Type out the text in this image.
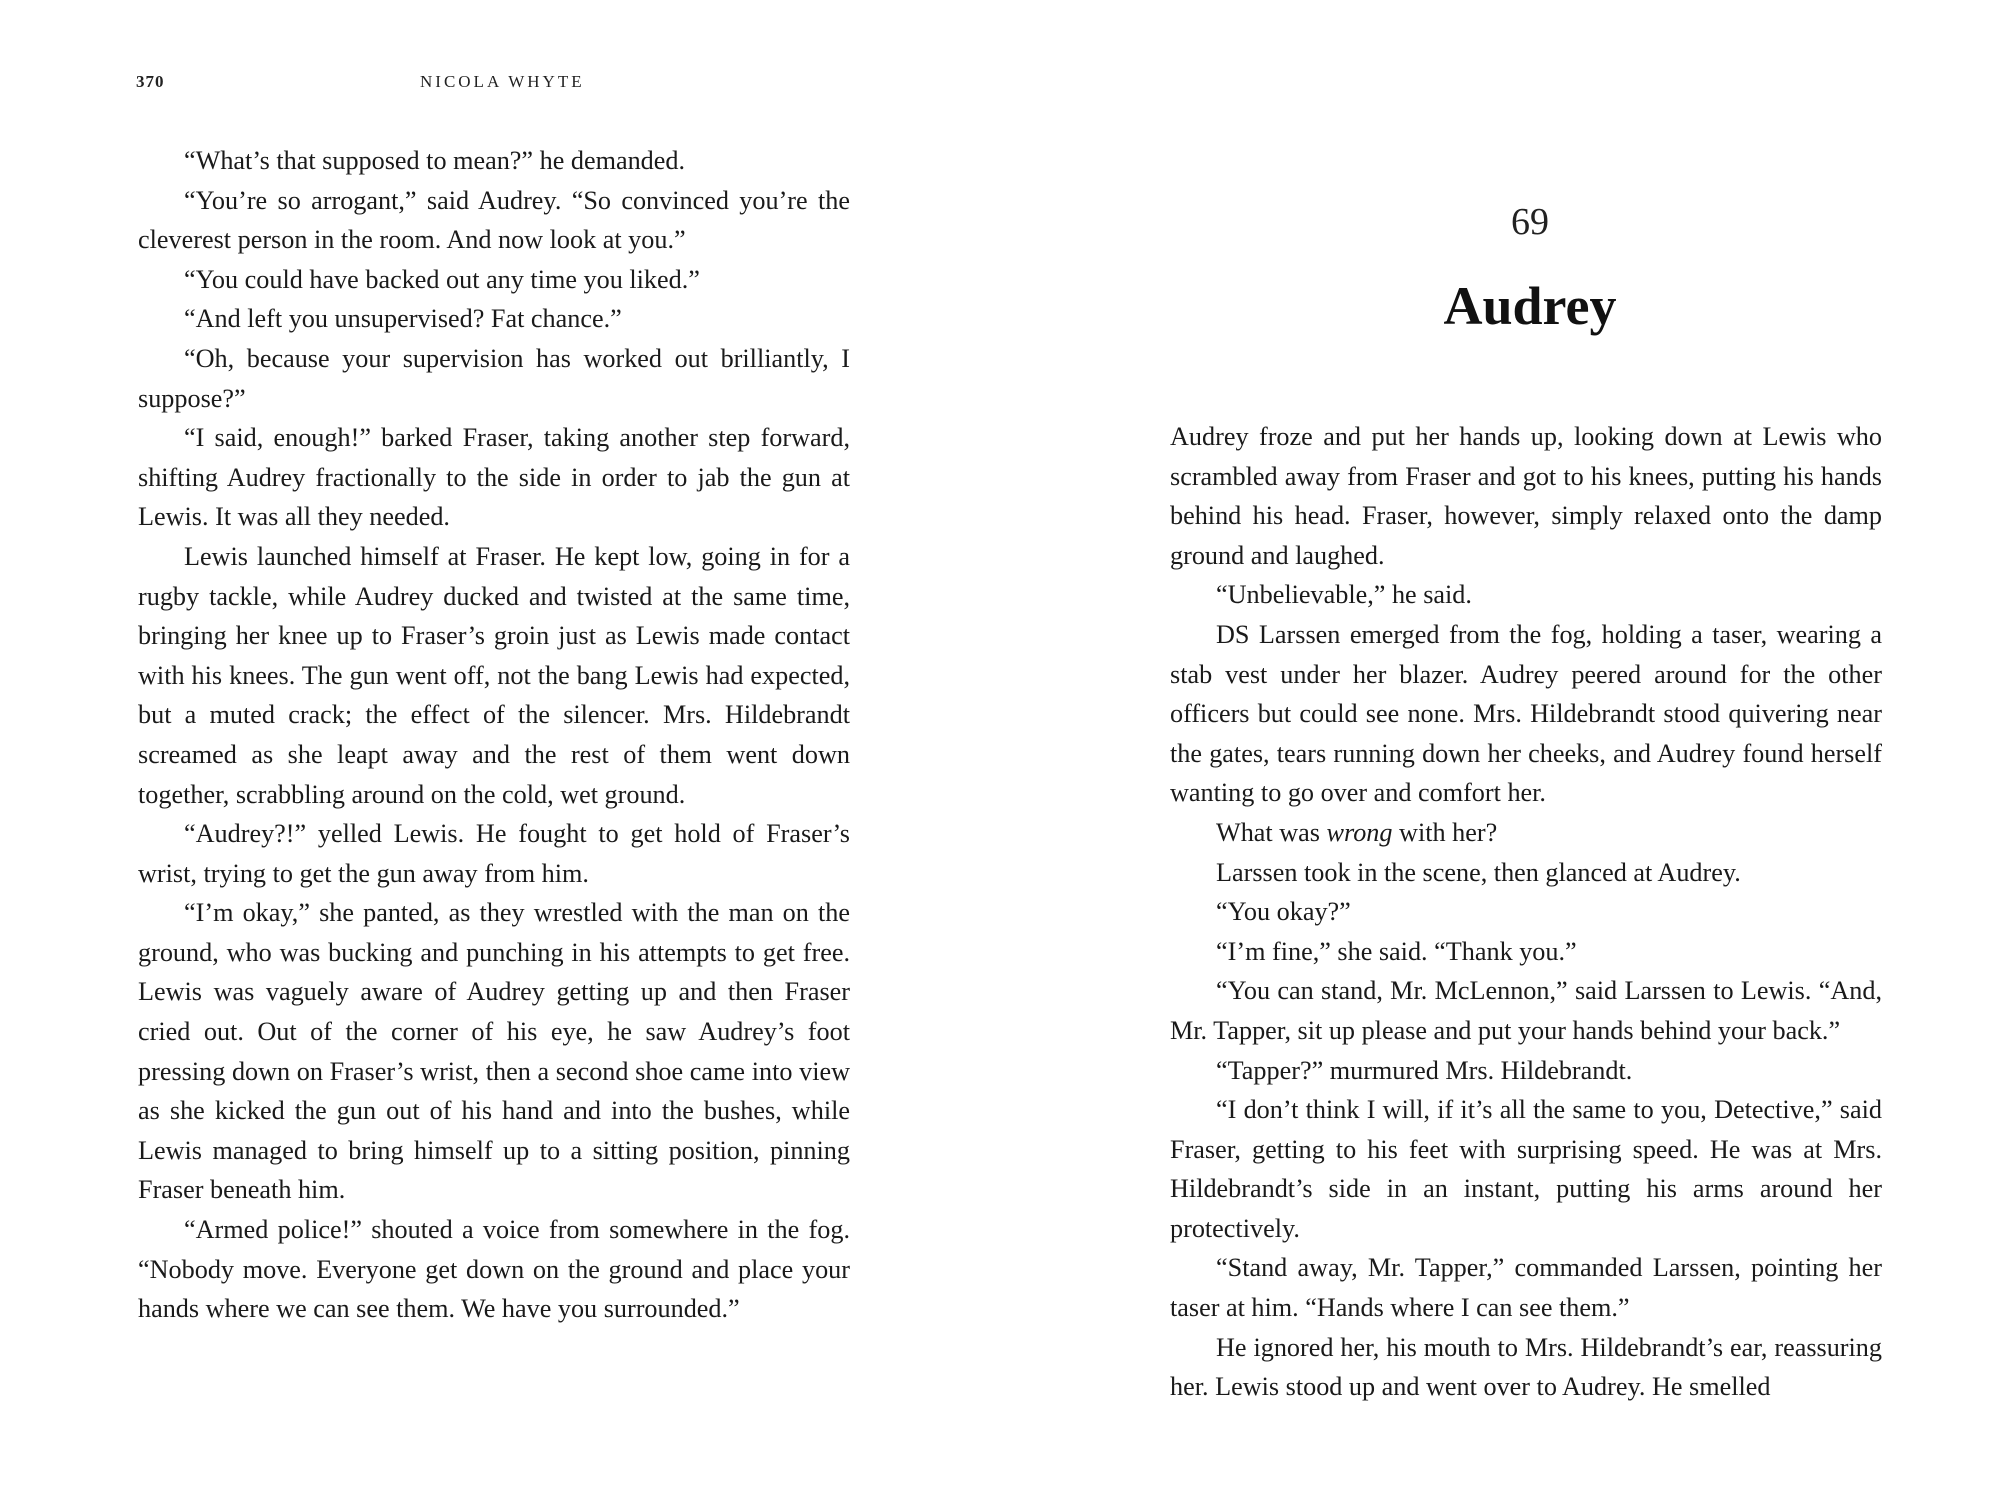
370	NICOLA WHYTE

“What’s that supposed to mean?” he demanded.

“You’re so arrogant,” said Audrey. “So convinced you’re the cleverest person in the room. And now look at you.”

“You could have backed out any time you liked.”

“And left you unsupervised? Fat chance.”

“Oh, because your supervision has worked out brilliantly, I suppose?”

“I said, enough!” barked Fraser, taking another step forward, shifting Audrey fractionally to the side in order to jab the gun at Lewis. It was all they needed.

Lewis launched himself at Fraser. He kept low, going in for a rugby tackle, while Audrey ducked and twisted at the same time, bringing her knee up to Fraser’s groin just as Lewis made contact with his knees. The gun went off, not the bang Lewis had expected, but a muted crack; the effect of the silencer. Mrs. Hildebrandt screamed as she leapt away and the rest of them went down together, scrabbling around on the cold, wet ground.

“Audrey?!” yelled Lewis. He fought to get hold of Fraser’s wrist, trying to get the gun away from him.

“I’m okay,” she panted, as they wrestled with the man on the ground, who was bucking and punching in his attempts to get free. Lewis was vaguely aware of Audrey getting up and then Fraser cried out. Out of the corner of his eye, he saw Audrey’s foot pressing down on Fraser’s wrist, then a second shoe came into view as she kicked the gun out of his hand and into the bushes, while Lewis managed to bring himself up to a sitting position, pinning Fraser beneath him.

“Armed police!” shouted a voice from somewhere in the fog. “Nobody move. Everyone get down on the ground and place your hands where we can see them. We have you surrounded.”

69
Audrey

Audrey froze and put her hands up, looking down at Lewis who scrambled away from Fraser and got to his knees, putting his hands behind his head. Fraser, however, simply relaxed onto the damp ground and laughed.

“Unbelievable,” he said.

DS Larssen emerged from the fog, holding a taser, wearing a stab vest under her blazer. Audrey peered around for the other officers but could see none. Mrs. Hildebrandt stood quivering near the gates, tears running down her cheeks, and Audrey found herself wanting to go over and comfort her.

What was wrong with her?

Larssen took in the scene, then glanced at Audrey.

“You okay?”

“I’m fine,” she said. “Thank you.”

“You can stand, Mr. McLennon,” said Larssen to Lewis. “And, Mr. Tapper, sit up please and put your hands behind your back.”

“Tapper?” murmured Mrs. Hildebrandt.

“I don’t think I will, if it’s all the same to you, Detective,” said Fraser, getting to his feet with surprising speed. He was at Mrs. Hildebrandt’s side in an instant, putting his arms around her protectively.

“Stand away, Mr. Tapper,” commanded Larssen, pointing her taser at him. “Hands where I can see them.”

He ignored her, his mouth to Mrs. Hildebrandt’s ear, reassuring her. Lewis stood up and went over to Audrey. He smelled
